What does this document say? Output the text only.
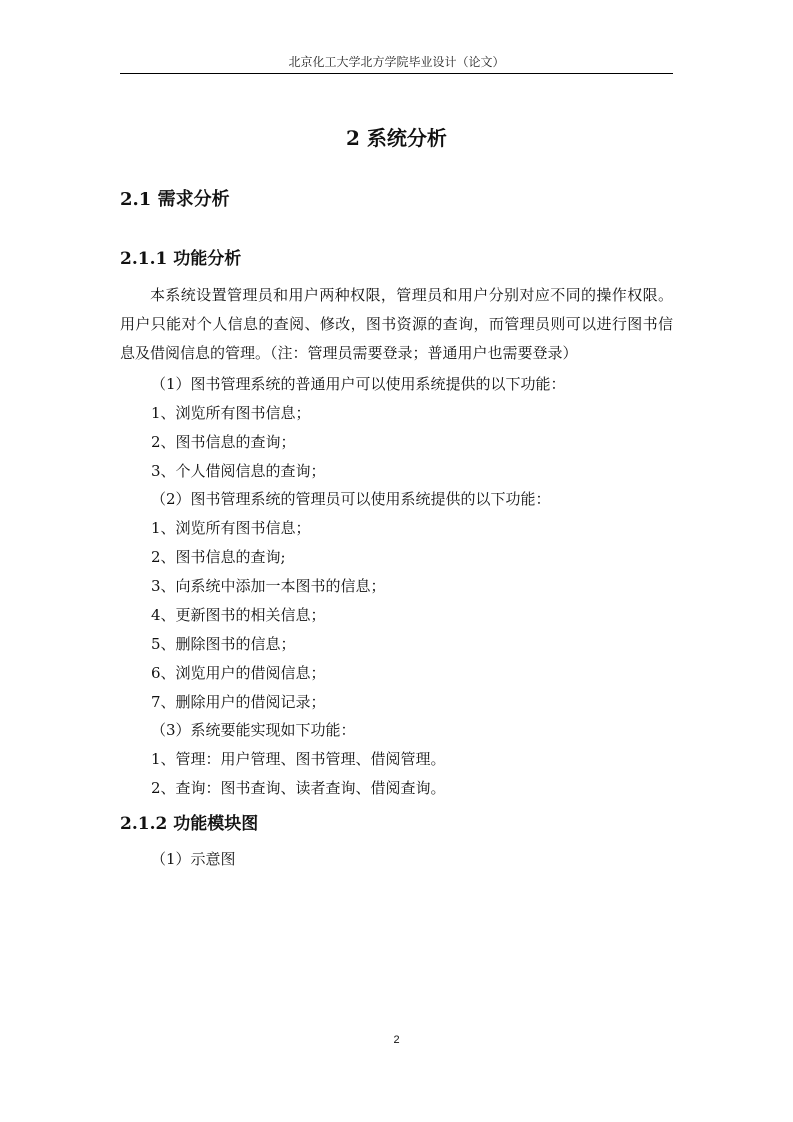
北京化工大学北方学院毕业设计（论文）
2 系统分析
2.1 需求分析
2.1.1 功能分析

本系统设置管理员和用户两种权限，管理员和用户分别对应不同的操作权限。用户只能对个人信息的查阅、修改，图书资源的查询，而管理员则可以进行图书信息及借阅信息的管理。（注：管理员需要登录；普通用户也需要登录）

（1）图书管理系统的普通用户可以使用系统提供的以下功能：
1、浏览所有图书信息；
2、图书信息的查询；
3、个人借阅信息的查询；
（2）图书管理系统的管理员可以使用系统提供的以下功能：
1、浏览所有图书信息；
2、图书信息的查询;
3、向系统中添加一本图书的信息；
4、更新图书的相关信息；
5、删除图书的信息；
6、浏览用户的借阅信息；
7、删除用户的借阅记录；
（3）系统要能实现如下功能：
1、管理：用户管理、图书管理、借阅管理。
2、查询：图书查询、读者查询、借阅查询。
2.1.2 功能模块图
（1）示意图
2
